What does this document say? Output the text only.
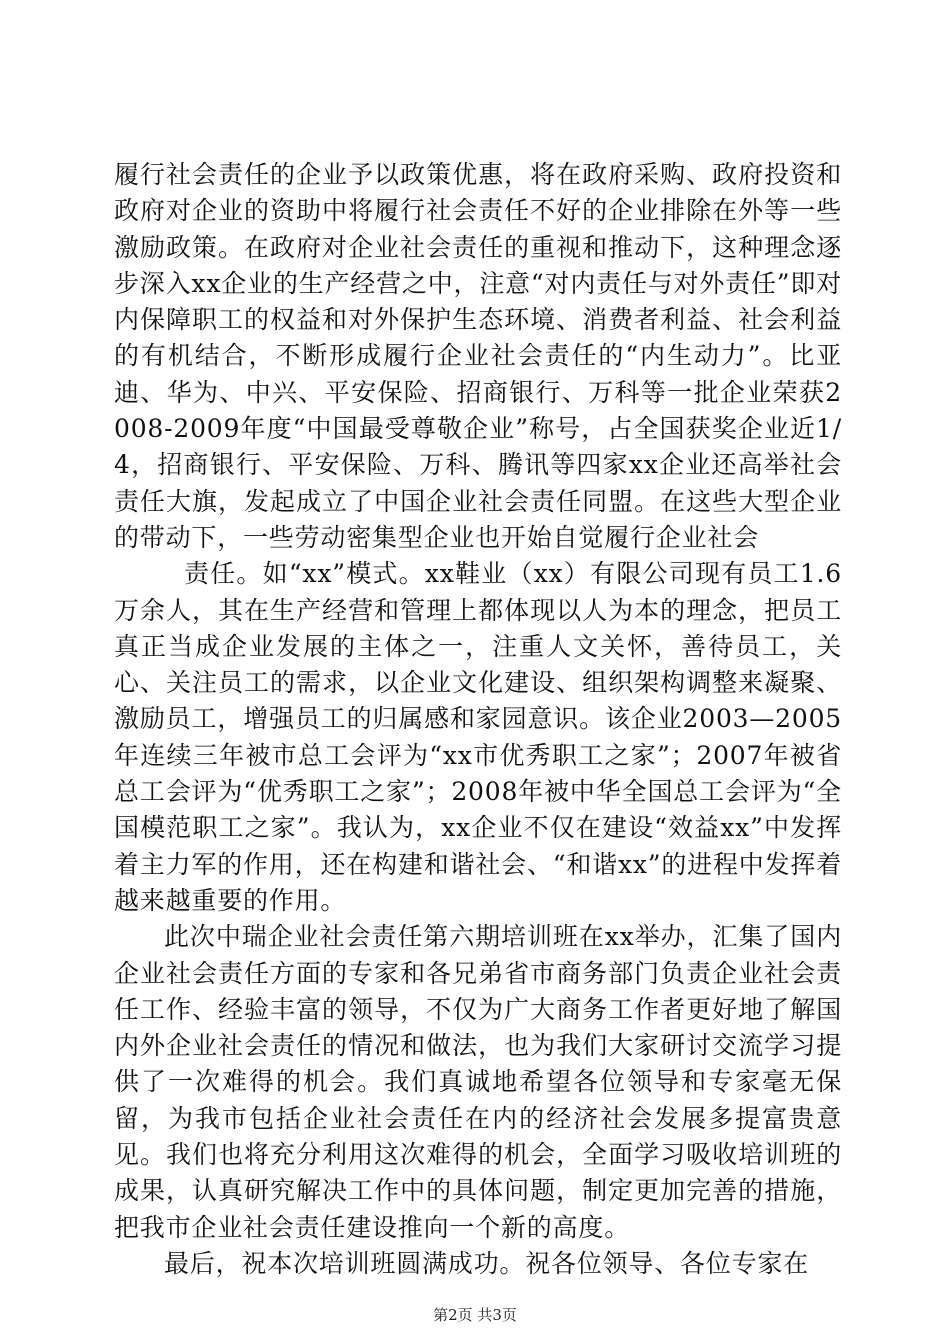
履行社会责任的企业予以政策优惠，将在政府采购、政府投资和政府对企业的资助中将履行社会责任不好的企业排除在外等一些激励政策。在政府对企业社会责任的重视和推动下，这种理念逐步深入xx企业的生产经营之中，注意“对内责任与对外责任”即对内保障职工的权益和对外保护生态环境、消费者利益、社会利益的有机结合，不断形成履行企业社会责任的“内生动力”。比亚迪、华为、中兴、平安保险、招商银行、万科等一批企业荣获2008-2009年度“中国最受尊敬企业”称号，占全国获奖企业近1/4，招商银行、平安保险、万科、腾讯等四家xx企业还高举社会责任大旗，发起成立了中国企业社会责任同盟。在这些大型企业的带动下，一些劳动密集型企业也开始自觉履行企业社会

责任。如“xx”模式。xx鞋业（xx）有限公司现有员工1.6万余人，其在生产经营和管理上都体现以人为本的理念，把员工真正当成企业发展的主体之一，注重人文关怀，善待员工，关心、关注员工的需求，以企业文化建设、组织架构调整来凝聚、激励员工，增强员工的归属感和家园意识。该企业2003—2005年连续三年被市总工会评为“xx市优秀职工之家”；2007年被省总工会评为“优秀职工之家”；2008年被中华全国总工会评为“全国模范职工之家”。我认为，xx企业不仅在建设“效益xx”中发挥着主力军的作用，还在构建和谐社会、“和谐xx”的进程中发挥着越来越重要的作用。

此次中瑞企业社会责任第六期培训班在xx举办，汇集了国内企业社会责任方面的专家和各兄弟省市商务部门负责企业社会责任工作、经验丰富的领导，不仅为广大商务工作者更好地了解国内外企业社会责任的情况和做法，也为我们大家研讨交流学习提供了一次难得的机会。我们真诚地希望各位领导和专家毫无保留，为我市包括企业社会责任在内的经济社会发展多提富贵意见。我们也将充分利用这次难得的机会，全面学习吸收培训班的成果，认真研究解决工作中的具体问题，制定更加完善的措施，把我市企业社会责任建设推向一个新的高度。

最后，祝本次培训班圆满成功。祝各位领导、各位专家在

第2页 共3页
